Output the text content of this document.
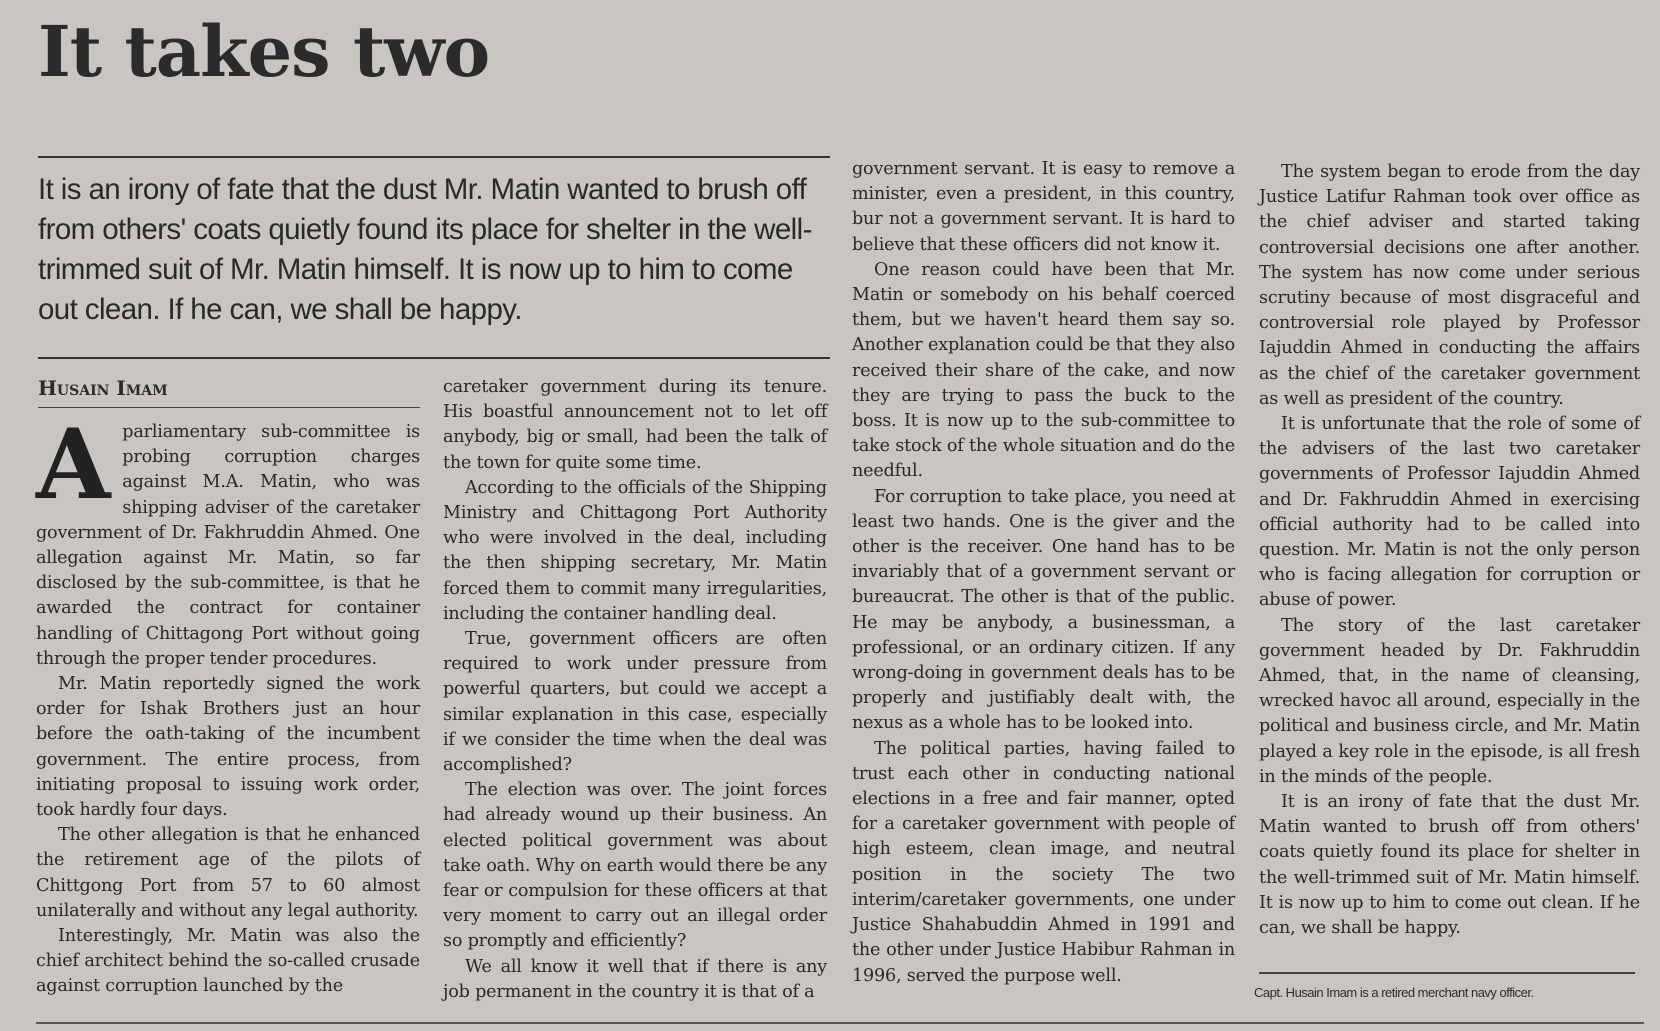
It takes two

It is an irony of fate that the dust Mr. Matin wanted to brush off from others' coats quietly found its place for shelter in the well-trimmed suit of Mr. Matin himself. It is now up to him to come out clean. If he can, we shall be happy.

Husain Imam

Aparliamentary sub-committee is probing corruption charges against M.A. Matin, who was shipping adviser of the caretaker government of Dr. Fakhruddin Ahmed. One allegation against Mr. Matin, so far disclosed by the sub-committee, is that he awarded the contract for container handling of Chittagong Port without going through the proper tender procedures.

Mr. Matin reportedly signed the work order for Ishak Brothers just an hour before the oath-taking of the incumbent government. The entire process, from initiating proposal to issuing work order, took hardly four days.

The other allegation is that he enhanced the retirement age of the pilots of Chittgong Port from 57 to 60 almost unilaterally and without any legal authority.

Interestingly, Mr. Matin was also the chief architect behind the so-called crusade against corruption launched by the

caretaker government during its tenure. His boastful announcement not to let off anybody, big or small, had been the talk of the town for quite some time.

According to the officials of the Shipping Ministry and Chittagong Port Authority who were involved in the deal, including the then shipping secretary, Mr. Matin forced them to commit many irregularities, including the container handling deal.

True, government officers are often required to work under pressure from powerful quarters, but could we accept a similar explanation in this case, especially if we consider the time when the deal was accomplished?

The election was over. The joint forces had already wound up their business. An elected political government was about take oath. Why on earth would there be any fear or compulsion for these officers at that very moment to carry out an illegal order so promptly and efficiently?

We all know it well that if there is any job permanent in the country it is that of a

government servant. It is easy to remove a minister, even a president, in this country, bur not a government servant. It is hard to believe that these officers did not know it.

One reason could have been that Mr. Matin or somebody on his behalf coerced them, but we haven't heard them say so. Another explanation could be that they also received their share of the cake, and now they are trying to pass the buck to the boss. It is now up to the sub-committee to take stock of the whole situation and do the needful.

For corruption to take place, you need at least two hands. One is the giver and the other is the receiver. One hand has to be invariably that of a government servant or bureaucrat. The other is that of the public. He may be anybody, a businessman, a professional, or an ordinary citizen. If any wrong-doing in government deals has to be properly and justifiably dealt with, the nexus as a whole has to be looked into.

The political parties, having failed to trust each other in conducting national elections in a free and fair manner, opted for a caretaker government with people of high esteem, clean image, and neutral position in the society The two interim/caretaker governments, one under Justice Shahabuddin Ahmed in 1991 and the other under Justice Habibur Rahman in 1996, served the purpose well.

The system began to erode from the day Justice Latifur Rahman took over office as the chief adviser and started taking controversial decisions one after another. The system has now come under serious scrutiny because of most disgraceful and controversial role played by Professor Iajuddin Ahmed in conducting the affairs as the chief of the caretaker government as well as president of the country.

It is unfortunate that the role of some of the advisers of the last two caretaker governments of Professor Iajuddin Ahmed and Dr. Fakhruddin Ahmed in exercising official authority had to be called into question. Mr. Matin is not the only person who is facing allegation for corruption or abuse of power.

The story of the last caretaker government headed by Dr. Fakhruddin Ahmed, that, in the name of cleansing, wrecked havoc all around, especially in the political and business circle, and Mr. Matin played a key role in the episode, is all fresh in the minds of the people.

It is an irony of fate that the dust Mr. Matin wanted to brush off from others' coats quietly found its place for shelter in the well-trimmed suit of Mr. Matin himself. It is now up to him to come out clean. If he can, we shall be happy.

Capt. Husain Imam is a retired merchant navy officer.
